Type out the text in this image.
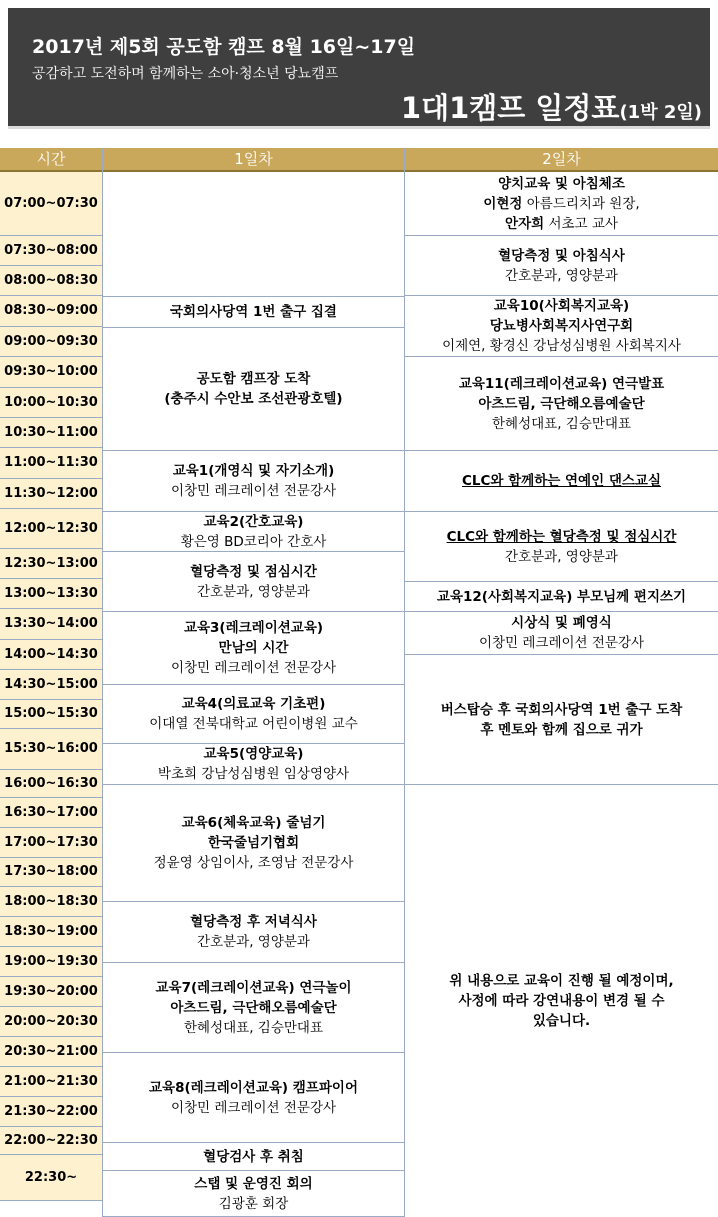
2017년 제5회 공도함 캠프 8월 16일~17일
공감하고 도전하며 함께하는 소아·청소년 당뇨캠프
1대1캠프 일정표(1박 2일)
시간	1일차	2일차
07:00~07:30
07:30~08:00
08:00~08:30
08:30~09:00
09:00~09:30
09:30~10:00
10:00~10:30
10:30~11:00
11:00~11:30
11:30~12:00
12:00~12:30
12:30~13:00
13:00~13:30
13:30~14:00
14:00~14:30
14:30~15:00
15:00~15:30
15:30~16:00
16:00~16:30
16:30~17:00
17:00~17:30
17:30~18:00
18:00~18:30
18:30~19:00
19:00~19:30
19:30~20:00
20:00~20:30
20:30~21:00
21:00~21:30
21:30~22:00
22:00~22:30
22:30~
국회의사당역 1번 출구 집결
공도함 캠프장 도착
(충주시 수안보 조선관광호텔)
교육1(개영식 및 자기소개)
이창민 레크레이션 전문강사
교육2(간호교육)
황은영 BD코리아 간호사
혈당측정 및 점심시간
간호분과, 영양분과
교육3(레크레이션교육)
만남의 시간
이창민 레크레이션 전문강사
교육4(의료교육 기초편)
이대열 전북대학교 어린이병원 교수
교육5(영양교육)
박초희 강남성심병원 임상영양사
교육6(체육교육) 줄넘기
한국줄넘기협회
정윤영 상임이사, 조영남 전문강사
혈당측정 후 저녁식사
간호분과, 영양분과
교육7(레크레이션교육) 연극놀이
아츠드림, 극단해오름예술단
한혜성대표, 김승만대표
교육8(레크레이션교육) 캠프파이어
이창민 레크레이션 전문강사
혈당검사 후 취침
스탭 및 운영진 회의
김광훈 회장
양치교육 및 아침체조
이현정 아름드리치과 원장,
안자희 서초고 교사
혈당측정 및 아침식사
간호분과, 영양분과
교육10(사회복지교육)
당뇨병사회복지사연구회
이제연, 황경신 강남성심병원 사회복지사
교육11(레크레이션교육) 연극발표
아츠드림, 극단해오름예술단
한혜성대표, 김승만대표
CLC와 함께하는 연예인 댄스교실
CLC와 함께하는 혈당측정 및 점심시간
간호분과, 영양분과
교육12(사회복지교육) 부모님께 편지쓰기
시상식 및 폐영식
이창민 레크레이션 전문강사
버스탑승 후 국회의사당역 1번 출구 도착
후 멘토와 함께 집으로 귀가
위 내용으로 교육이 진행 될 예정이며,
사정에 따라 강연내용이 변경 될 수
있습니다.
